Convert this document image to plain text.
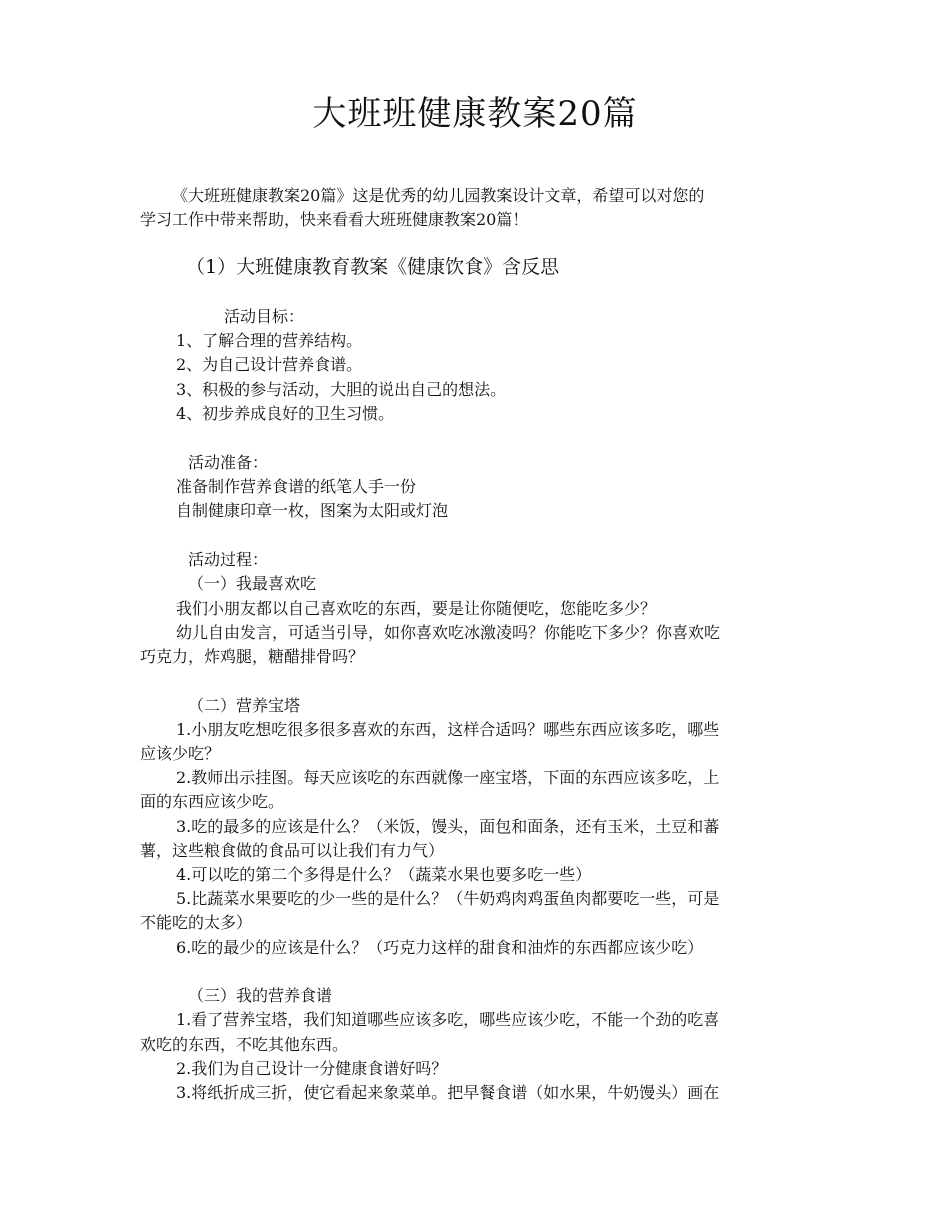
大班班健康教案20篇

《大班班健康教案20篇》这是优秀的幼儿园教案设计文章，希望可以对您的

学习工作中带来帮助，快来看看大班班健康教案20篇！

（1）大班健康教育教案《健康饮食》含反思

活动目标：

1、了解合理的营养结构。

2、为自己设计营养食谱。

3、积极的参与活动，大胆的说出自己的想法。

4、初步养成良好的卫生习惯。

活动准备：

准备制作营养食谱的纸笔人手一份

自制健康印章一枚，图案为太阳或灯泡

活动过程：

（一）我最喜欢吃

我们小朋友都以自己喜欢吃的东西，要是让你随便吃，您能吃多少？

幼儿自由发言，可适当引导，如你喜欢吃冰激凌吗？你能吃下多少？你喜欢吃

巧克力，炸鸡腿，糖醋排骨吗？

（二）营养宝塔

1.小朋友吃想吃很多很多喜欢的东西，这样合适吗？哪些东西应该多吃，哪些

应该少吃？

2.教师出示挂图。每天应该吃的东西就像一座宝塔，下面的东西应该多吃，上

面的东西应该少吃。

3.吃的最多的应该是什么？（米饭，馒头，面包和面条，还有玉米，土豆和蕃

薯，这些粮食做的食品可以让我们有力气）

4.可以吃的第二个多得是什么？（蔬菜水果也要多吃一些）

5.比蔬菜水果要吃的少一些的是什么？（牛奶鸡肉鸡蛋鱼肉都要吃一些，可是

不能吃的太多）

6.吃的最少的应该是什么？（巧克力这样的甜食和油炸的东西都应该少吃）

（三）我的营养食谱

1.看了营养宝塔，我们知道哪些应该多吃，哪些应该少吃，不能一个劲的吃喜

欢吃的东西，不吃其他东西。

2.我们为自己设计一分健康食谱好吗？

3.将纸折成三折，使它看起来象菜单。把早餐食谱（如水果，牛奶馒头）画在
